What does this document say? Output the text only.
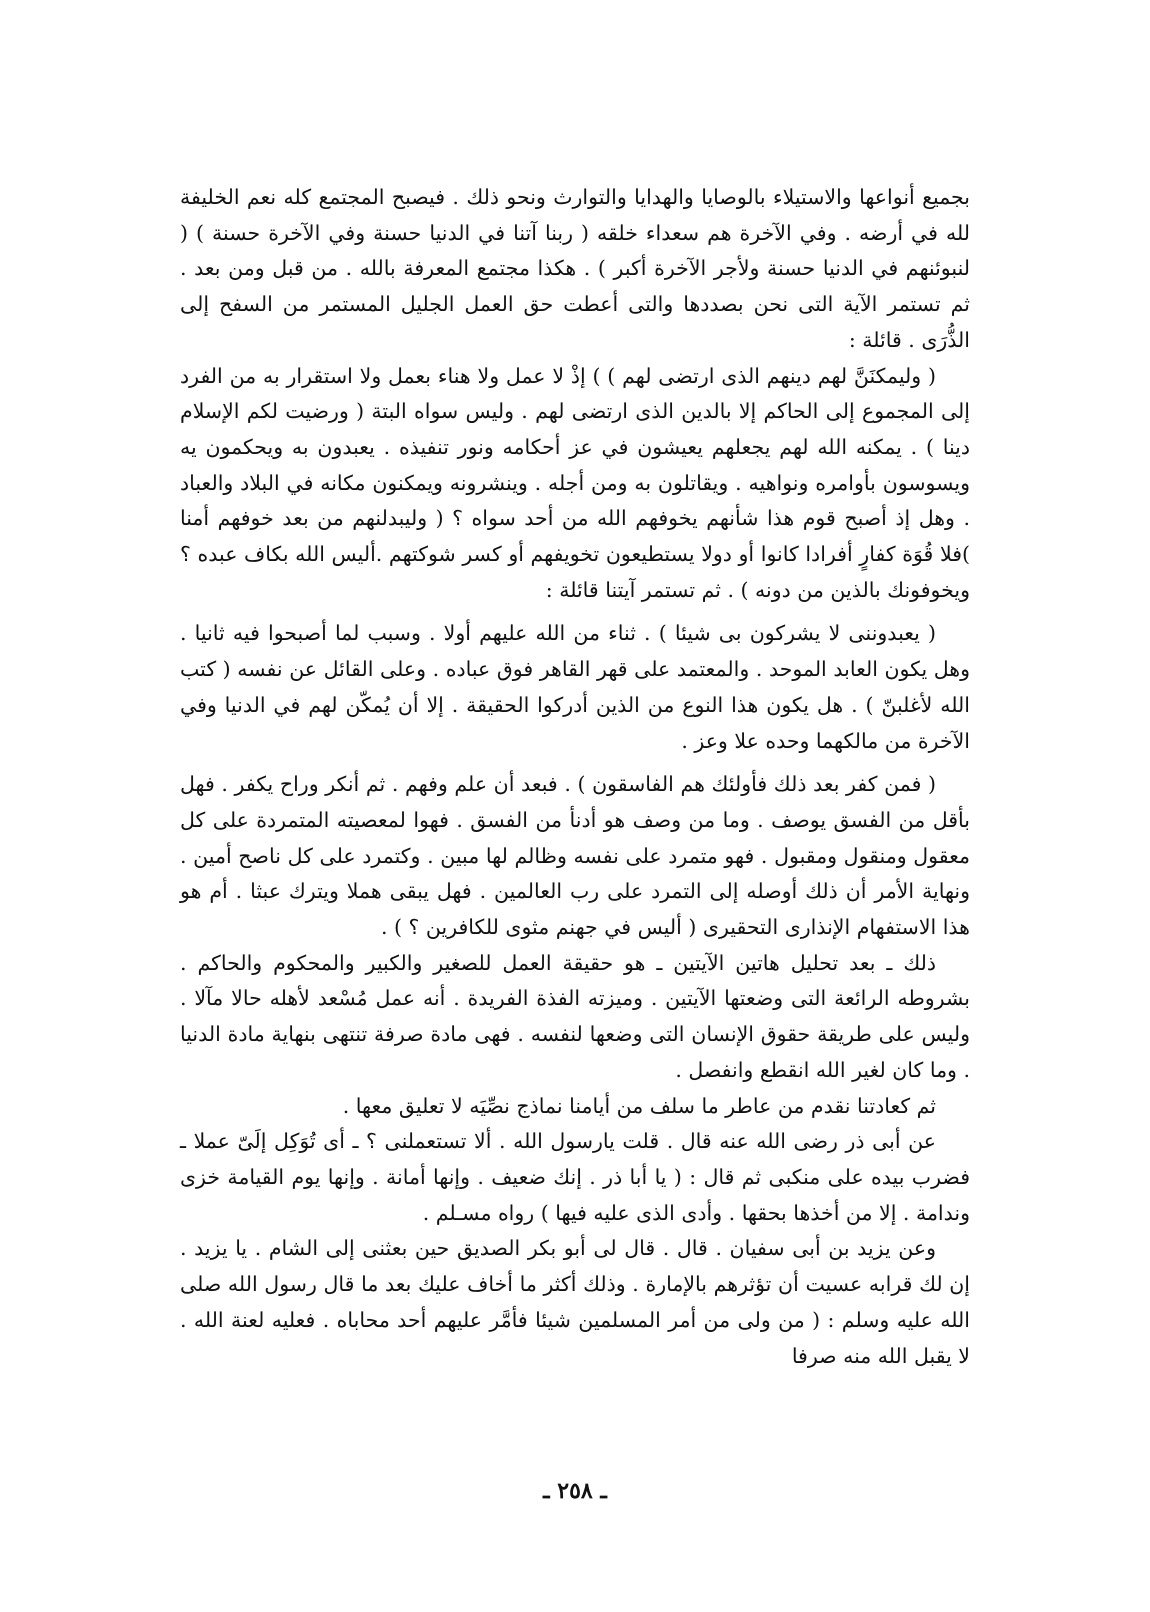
بجميع أنواعها والاستيلاء بالوصايا والهدايا والتوارث ونحو ذلك . فيصبح المجتمع كله نعم الخليفة لله في أرضه . وفي الآخرة هم سعداء خلقه ( ربنا آتنا في الدنيا حسنة وفي الآخرة حسنة ) ( لنبوئنهم في الدنيا حسنة ولأجر الآخرة أكبر ) . هكذا مجتمع المعرفة بالله . من قبل ومن بعد . ثم تستمر الآية التى نحن بصددها والتى أعطت حق العمل الجليل المستمر من السفح إلى الذُّرَى . قائلة :

( وليمكنَنَّ لهم دينهم الذى ارتضى لهم ) ) إذْ لا عمل ولا هناء بعمل ولا استقرار به من الفرد إلى المجموع إلى الحاكم إلا بالدين الذى ارتضى لهم . وليس سواه البتة ( ورضيت لكم الإسلام دينا ) . يمكنه الله لهم يجعلهم يعيشون في عز أحكامه ونور تنفيذه . يعبدون به ويحكمون يه ويسوسون بأوامره ونواهيه . ويقاتلون به ومن أجله . وينشرونه ويمكنون مكانه في البلاد والعباد . وهل إذ أصبح قوم هذا شأنهم يخوفهم الله من أحد سواه ؟ ( وليبدلنهم من بعد خوفهم أمنا )فلا قُوَة كفارٍ أفرادا كانوا أو دولا يستطيعون تخويفهم أو كسر شوكتهم .أليس الله بكاف عبده ؟ ويخوفونك بالذين من دونه ) . ثم تستمر آيتنا قائلة :

( يعبدوننى لا يشركون بى شيئا ) . ثناء من الله عليهم أولا . وسبب لما أصبحوا فيه ثانيا . وهل يكون العابد الموحد . والمعتمد على قهر القاهر فوق عباده . وعلى القائل عن نفسه ( كتب الله لأغلبنّ ) . هل يكون هذا النوع من الذين أدركوا الحقيقة . إلا أن يُمكّن لهم في الدنيا وفي الآخرة من مالكهما وحده علا وعز .

( فمن كفر بعد ذلك فأولئك هم الفاسقون ) . فبعد أن علم وفهم . ثم أنكر وراح يكفر . فهل بأقل من الفسق يوصف . وما من وصف هو أدنأ من الفسق . فهوا لمعصيته المتمردة على كل معقول ومنقول ومقبول . فهو متمرد على نفسه وظالم لها مبين . وكتمرد على كل ناصح أمين . ونهاية الأمر أن ذلك أوصله إلى التمرد على رب العالمين . فهل يبقى هملا ويترك عبثا . أم هو هذا الاستفهام الإنذارى التحقيرى ( أليس في جهنم مثوى للكافرين ؟ ) .

ذلك ـ بعد تحليل هاتين الآيتين ـ هو حقيقة العمل للصغير والكبير والمحكوم والحاكم . بشروطه الرائعة التى وضعتها الآيتين . وميزته الفذة الفريدة . أنه عمل مُسْعد لأهله حالا مآلا . وليس على طريقة حقوق الإنسان التى وضعها لنفسه . فهى مادة صرفة تنتهى بنهاية مادة الدنيا . وما كان لغير الله انقطع وانفصل .

ثم كعادتنا نقدم من عاطر ما سلف من أيامنا نماذج نصِّيَه لا تعليق معها .

عن أبى ذر رضى الله عنه قال . قلت يارسول الله . ألا تستعملنى ؟ ـ أى تُوَكِل إلَىّ عملا ـ فضرب بيده على منكبى ثم قال : ( يا أبا ذر . إنك ضعيف . وإنها أمانة . وإنها يوم القيامة خزى وندامة . إلا من أخذها بحقها . وأدى الذى عليه فيها ) رواه مسـلم .

وعن يزيد بن أبى سفيان . قال . قال لى أبو بكر الصديق حين بعثنى إلى الشام . يا يزيد . إن لك قرابه عسيت أن تؤثرهم بالإمارة . وذلك أكثر ما أخاف عليك بعد ما قال رسول الله صلى الله عليه وسلم : ( من ولى من أمر المسلمين شيئا فأمَّر عليهم أحد محاباه . فعليه لعنة الله . لا يقبل الله منه صرفا

ـ ٢٥٨ ـ
